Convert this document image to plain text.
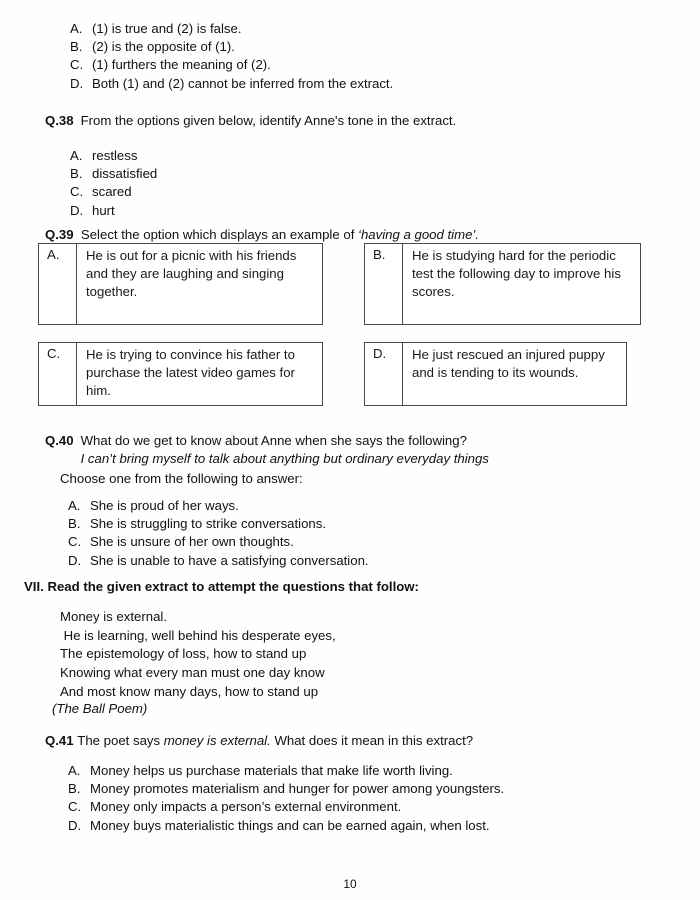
A. (1) is true and (2) is false.
B. (2) is the opposite of (1).
C. (1) furthers the meaning of (2).
D. Both (1) and (2) cannot be inferred from the extract.
Q.38 From the options given below, identify Anne's tone in the extract.
A. restless
B. dissatisfied
C. scared
D. hurt
Q.39 Select the option which displays an example of ‘having a good time’.
A.	He is out for a picnic with his friends and they are laughing and singing together.
B.	He is studying hard for the periodic test the following day to improve his scores.
C.	He is trying to convince his father to purchase the latest video games for him.
D.	He just rescued an injured puppy and is tending to its wounds.
Q.40 What do we get to know about Anne when she says the following?
I can’t bring myself to talk about anything but ordinary everyday things
Choose one from the following to answer:
A. She is proud of her ways.
B. She is struggling to strike conversations.
C. She is unsure of her own thoughts.
D. She is unable to have a satisfying conversation.
VII. Read the given extract to attempt the questions that follow:
Money is external.
He is learning, well behind his desperate eyes,
The epistemology of loss, how to stand up
Knowing what every man must one day know
And most know many days, how to stand up
(The Ball Poem)
Q.41 The poet says money is external. What does it mean in this extract?
A. Money helps us purchase materials that make life worth living.
B. Money promotes materialism and hunger for power among youngsters.
C. Money only impacts a person’s external environment.
D. Money buys materialistic things and can be earned again, when lost.
10
